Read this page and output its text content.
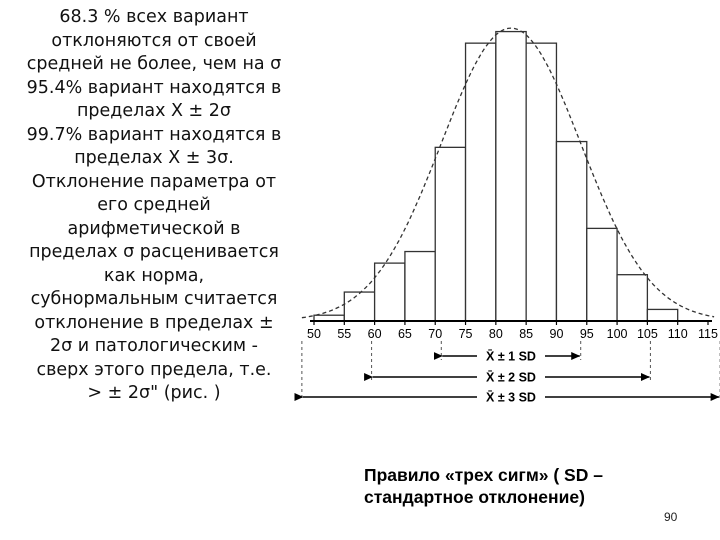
68.3 % всех вариант
отклоняются от своей
средней не более, чем на σ
95.4% вариант находятся в
пределах Х ± 2σ
99.7% вариант находятся в
пределах Х ± 3σ.
Отклонение параметра от
его средней
арифметической в
пределах σ расценивается
как норма,
субнормальным считается
отклонение в пределах ±
2σ и патологическим -
сверх этого предела, т.е.
> ± 2σ" (рис. )
50 55 60 65 70 75 80 85 90 95 100 105 110 115
X̄ ± 1 SD
X̄ ± 2 SD
X̄ ± 3 SD
Правило «трех сигм» ( SD –
стандартное отклонение)
90
